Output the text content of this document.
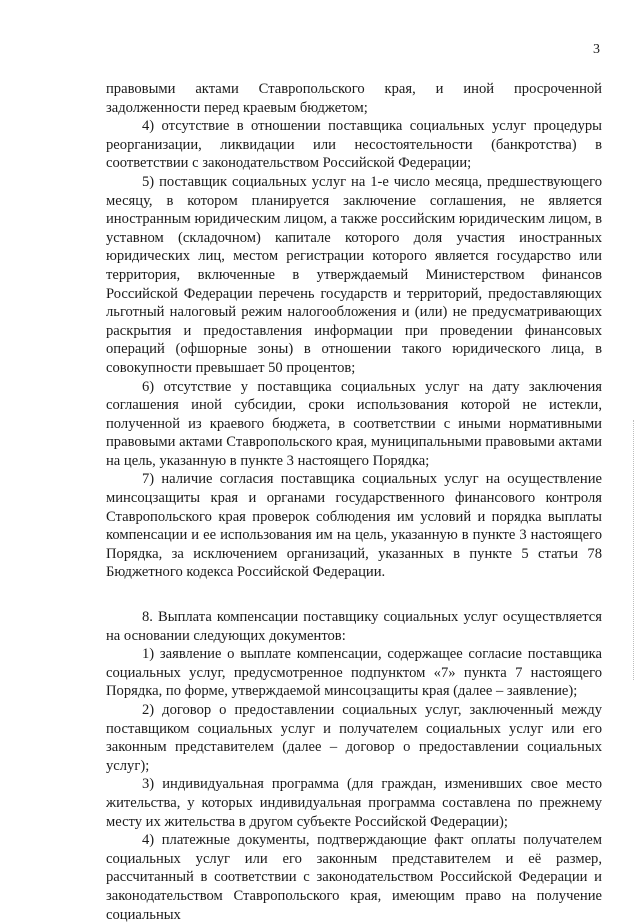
3

правовыми актами Ставропольского края, и иной просроченной задолженности перед краевым бюджетом;

4) отсутствие в отношении поставщика социальных услуг процедуры реорганизации, ликвидации или несостоятельности (банкротства) в соответствии с законодательством Российской Федерации;

5) поставщик социальных услуг на 1-е число месяца, предшествующего месяцу, в котором планируется заключение соглашения, не является иностранным юридическим лицом, а также российским юридическим лицом, в уставном (складочном) капитале которого доля участия иностранных юридических лиц, местом регистрации которого является государство или территория, включенные в утверждаемый Министерством финансов Российской Федерации перечень государств и территорий, предоставляющих льготный налоговый режим налогообложения и (или) не предусматривающих раскрытия и предоставления информации при проведении финансовых операций (офшорные зоны) в отношении такого юридического лица, в совокупности превышает 50 процентов;

6) отсутствие у поставщика социальных услуг на дату заключения соглашения иной субсидии, сроки использования которой не истекли, полученной из краевого бюджета, в соответствии с иными нормативными правовыми актами Ставропольского края, муниципальными правовыми актами на цель, указанную в пункте 3 настоящего Порядка;

7) наличие согласия поставщика социальных услуг на осуществление минсоцзащиты края и органами государственного финансового контроля Ставропольского края проверок соблюдения им условий и порядка выплаты компенсации и ее использования им на цель, указанную в пункте 3 настоящего Порядка, за исключением организаций, указанных в пункте 5 статьи 78 Бюджетного кодекса Российской Федерации.

8. Выплата компенсации поставщику социальных услуг осуществляется на основании следующих документов:

1) заявление о выплате компенсации, содержащее согласие поставщика социальных услуг, предусмотренное подпунктом «7» пункта 7 настоящего Порядка, по форме, утверждаемой минсоцзащиты края (далее – заявление);

2) договор о предоставлении социальных услуг, заключенный между поставщиком социальных услуг и получателем социальных услуг или его законным представителем (далее – договор о предоставлении социальных услуг);

3) индивидуальная программа (для граждан, изменивших свое место жительства, у которых индивидуальная программа составлена по прежнему месту их жительства в другом субъекте Российской Федерации);

4) платежные документы, подтверждающие факт оплаты получателем социальных услуг или его законным представителем и её размер, рассчитанный в соответствии с законодательством Российской Федерации и законодательством Ставропольского края, имеющим право на получение социальных
